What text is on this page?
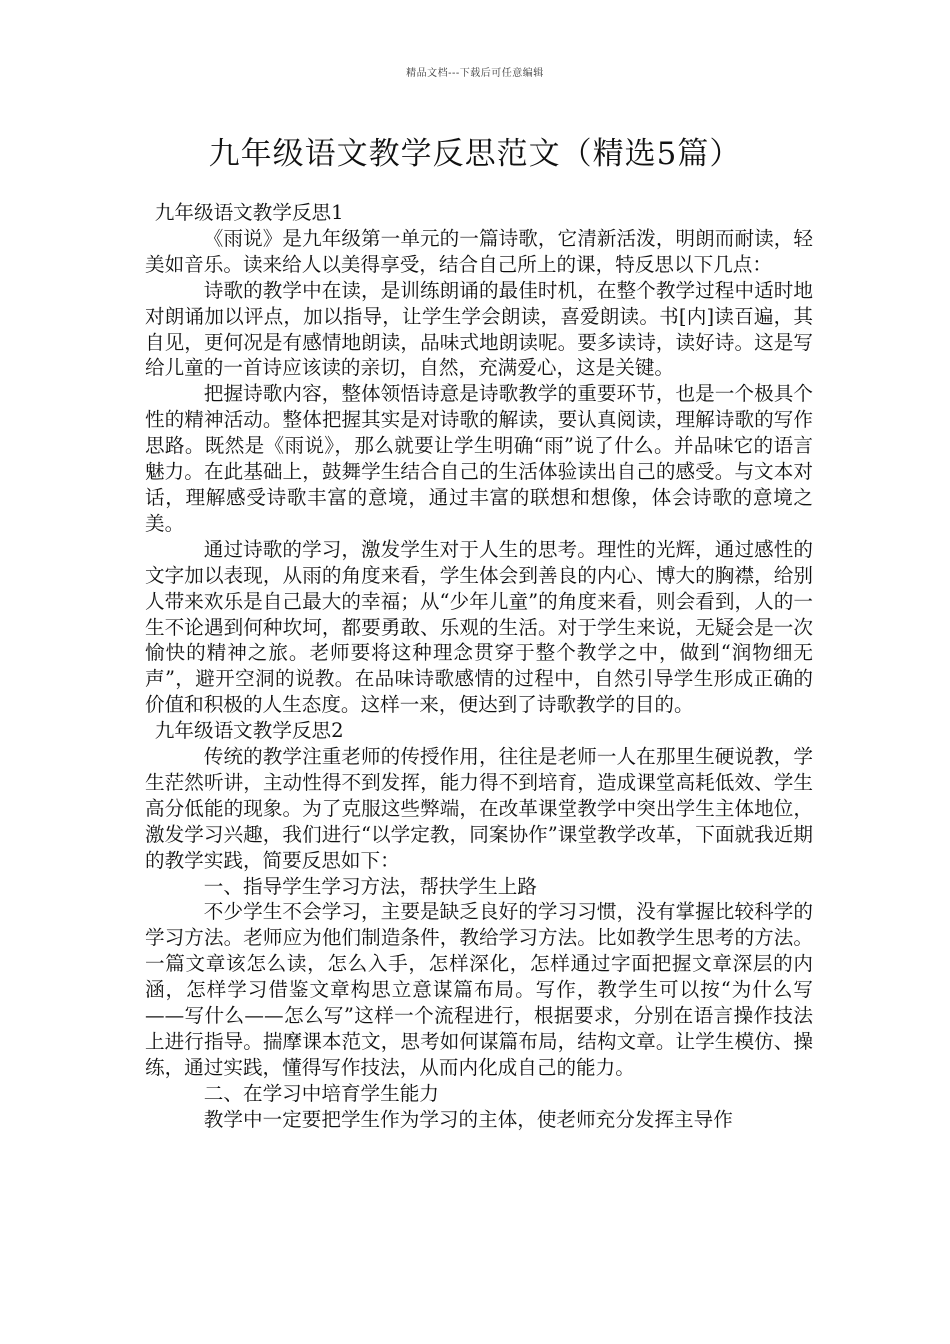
精品文档---下载后可任意编辑
九年级语文教学反思范文（精选5篇）

九年级语文教学反思1

《雨说》是九年级第一单元的一篇诗歌，它清新活泼，明朗而耐读，轻美如音乐。读来给人以美得享受，结合自己所上的课，特反思以下几点：

诗歌的教学中在读，是训练朗诵的最佳时机，在整个教学过程中适时地对朗诵加以评点，加以指导，让学生学会朗读，喜爱朗读。书[内]读百遍，其自见，更何况是有感情地朗读，品味式地朗读呢。要多读诗，读好诗。这是写给儿童的一首诗应该读的亲切，自然，充满爱心，这是关键。

把握诗歌内容，整体领悟诗意是诗歌教学的重要环节，也是一个极具个性的精神活动。整体把握其实是对诗歌的解读，要认真阅读，理解诗歌的写作思路。既然是《雨说》，那么就要让学生明确“雨”说了什么。并品味它的语言魅力。在此基础上，鼓舞学生结合自己的生活体验读出自己的感受。与文本对话，理解感受诗歌丰富的意境，通过丰富的联想和想像，体会诗歌的意境之美。

通过诗歌的学习，激发学生对于人生的思考。理性的光辉，通过感性的文字加以表现，从雨的角度来看，学生体会到善良的内心、博大的胸襟，给别人带来欢乐是自己最大的幸福；从“少年儿童”的角度来看，则会看到，人的一生不论遇到何种坎坷，都要勇敢、乐观的生活。对于学生来说，无疑会是一次愉快的精神之旅。老师要将这种理念贯穿于整个教学之中，做到“润物细无声”，避开空洞的说教。在品味诗歌感情的过程中，自然引导学生形成正确的价值和积极的人生态度。这样一来，便达到了诗歌教学的目的。

九年级语文教学反思2

传统的教学注重老师的传授作用，往往是老师一人在那里生硬说教，学生茫然听讲，主动性得不到发挥，能力得不到培育，造成课堂高耗低效、学生高分低能的现象。为了克服这些弊端，在改革课堂教学中突出学生主体地位，激发学习兴趣，我们进行“以学定教，同案协作”课堂教学改革，下面就我近期的教学实践，简要反思如下：

一、指导学生学习方法，帮扶学生上路

不少学生不会学习，主要是缺乏良好的学习习惯，没有掌握比较科学的学习方法。老师应为他们制造条件，教给学习方法。比如教学生思考的方法。一篇文章该怎么读，怎么入手，怎样深化，怎样通过字面把握文章深层的内涵，怎样学习借鉴文章构思立意谋篇布局。写作，教学生可以按“为什么写——写什么——怎么写”这样一个流程进行，根据要求，分别在语言操作技法上进行指导。揣摩课本范文，思考如何谋篇布局，结构文章。让学生模仿、操练，通过实践，懂得写作技法，从而内化成自己的能力。

二、在学习中培育学生能力

教学中一定要把学生作为学习的主体，使老师充分发挥主导作
